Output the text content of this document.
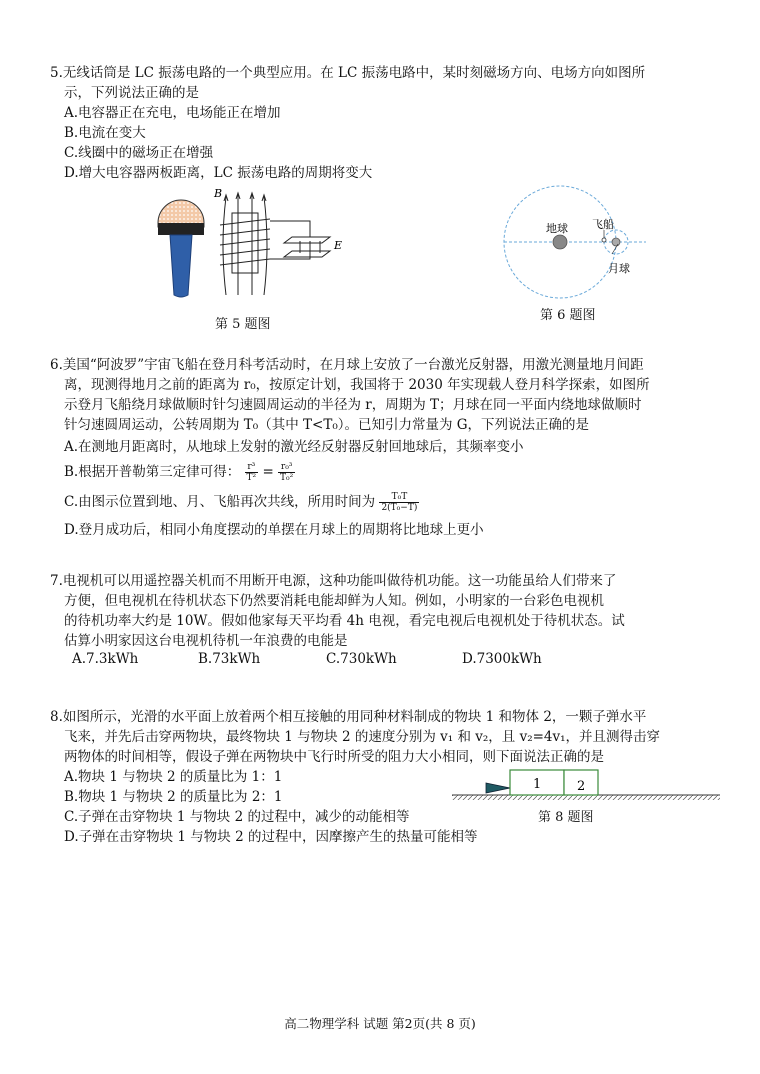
5.无线话筒是 LC 振荡电路的一个典型应用。在 LC 振荡电路中，某时刻磁场方向、电场方向如图所
示，下列说法正确的是
A.电容器正在充电，电场能正在增加
B.电流在变大
C.线圈中的磁场正在增强
D.增大电容器两板距离，LC 振荡电路的周期将变大
B
E
第 5 题图
地球 飞船
月球
第 6 题图
6.美国“阿波罗”宇宙飞船在登月科考活动时，在月球上安放了一台激光反射器，用激光测量地月间距
离，现测得地月之前的距离为 r₀，按原定计划，我国将于 2030 年实现载人登月科学探索，如图所
示登月飞船绕月球做顺时针匀速圆周运动的半径为 r，周期为 T；月球在同一平面内绕地球做顺时
针匀速圆周运动，公转周期为 T₀（其中 T<T₀）。已知引力常量为 G，下列说法正确的是
A.在测地月距离时，从地球上发射的激光经反射器反射回地球后，其频率变小
B.根据开普勒第三定律可得： $\frac{\text{r³}}{\text{T²}} = \frac{\text{r₀³}}{\text{T₀²}}$
C.由图示位置到地、月、飞船再次共线，所用时间为 $\frac{\text{T₀T}}{\text{2(T₀−T)}}$
D.登月成功后，相同小角度摆动的单摆在月球上的周期将比地球上更小
7.电视机可以用遥控器关机而不用断开电源，这种功能叫做待机功能。这一功能虽给人们带来了
方便，但电视机在待机状态下仍然要消耗电能却鲜为人知。例如，小明家的一台彩色电视机
的待机功率大约是 10W。假如他家每天平均看 4h 电视，看完电视后电视机处于待机状态。试
估算小明家因这台电视机待机一年浪费的电能是
A.7.3kWh	B.73kWh	C.730kWh	D.7300kWh
8.如图所示，光滑的水平面上放着两个相互接触的用同种材料制成的物块 1 和物体 2，一颗子弹水平
飞来，并先后击穿两物块，最终物块 1 与物块 2 的速度分别为 v₁ 和 v₂，且 v₂=4v₁，并且测得击穿
两物体的时间相等，假设子弹在两物块中飞行时所受的阻力大小相同，则下面说法正确的是
A.物块 1 与物块 2 的质量比为 1：1
B.物块 1 与物块 2 的质量比为 2：1
C.子弹在击穿物块 1 与物块 2 的过程中，减少的动能相等
D.子弹在击穿物块 1 与物块 2 的过程中，因摩擦产生的热量可能相等
1	2
第 8 题图
高二物理学科 试题 第2页(共 8 页)
